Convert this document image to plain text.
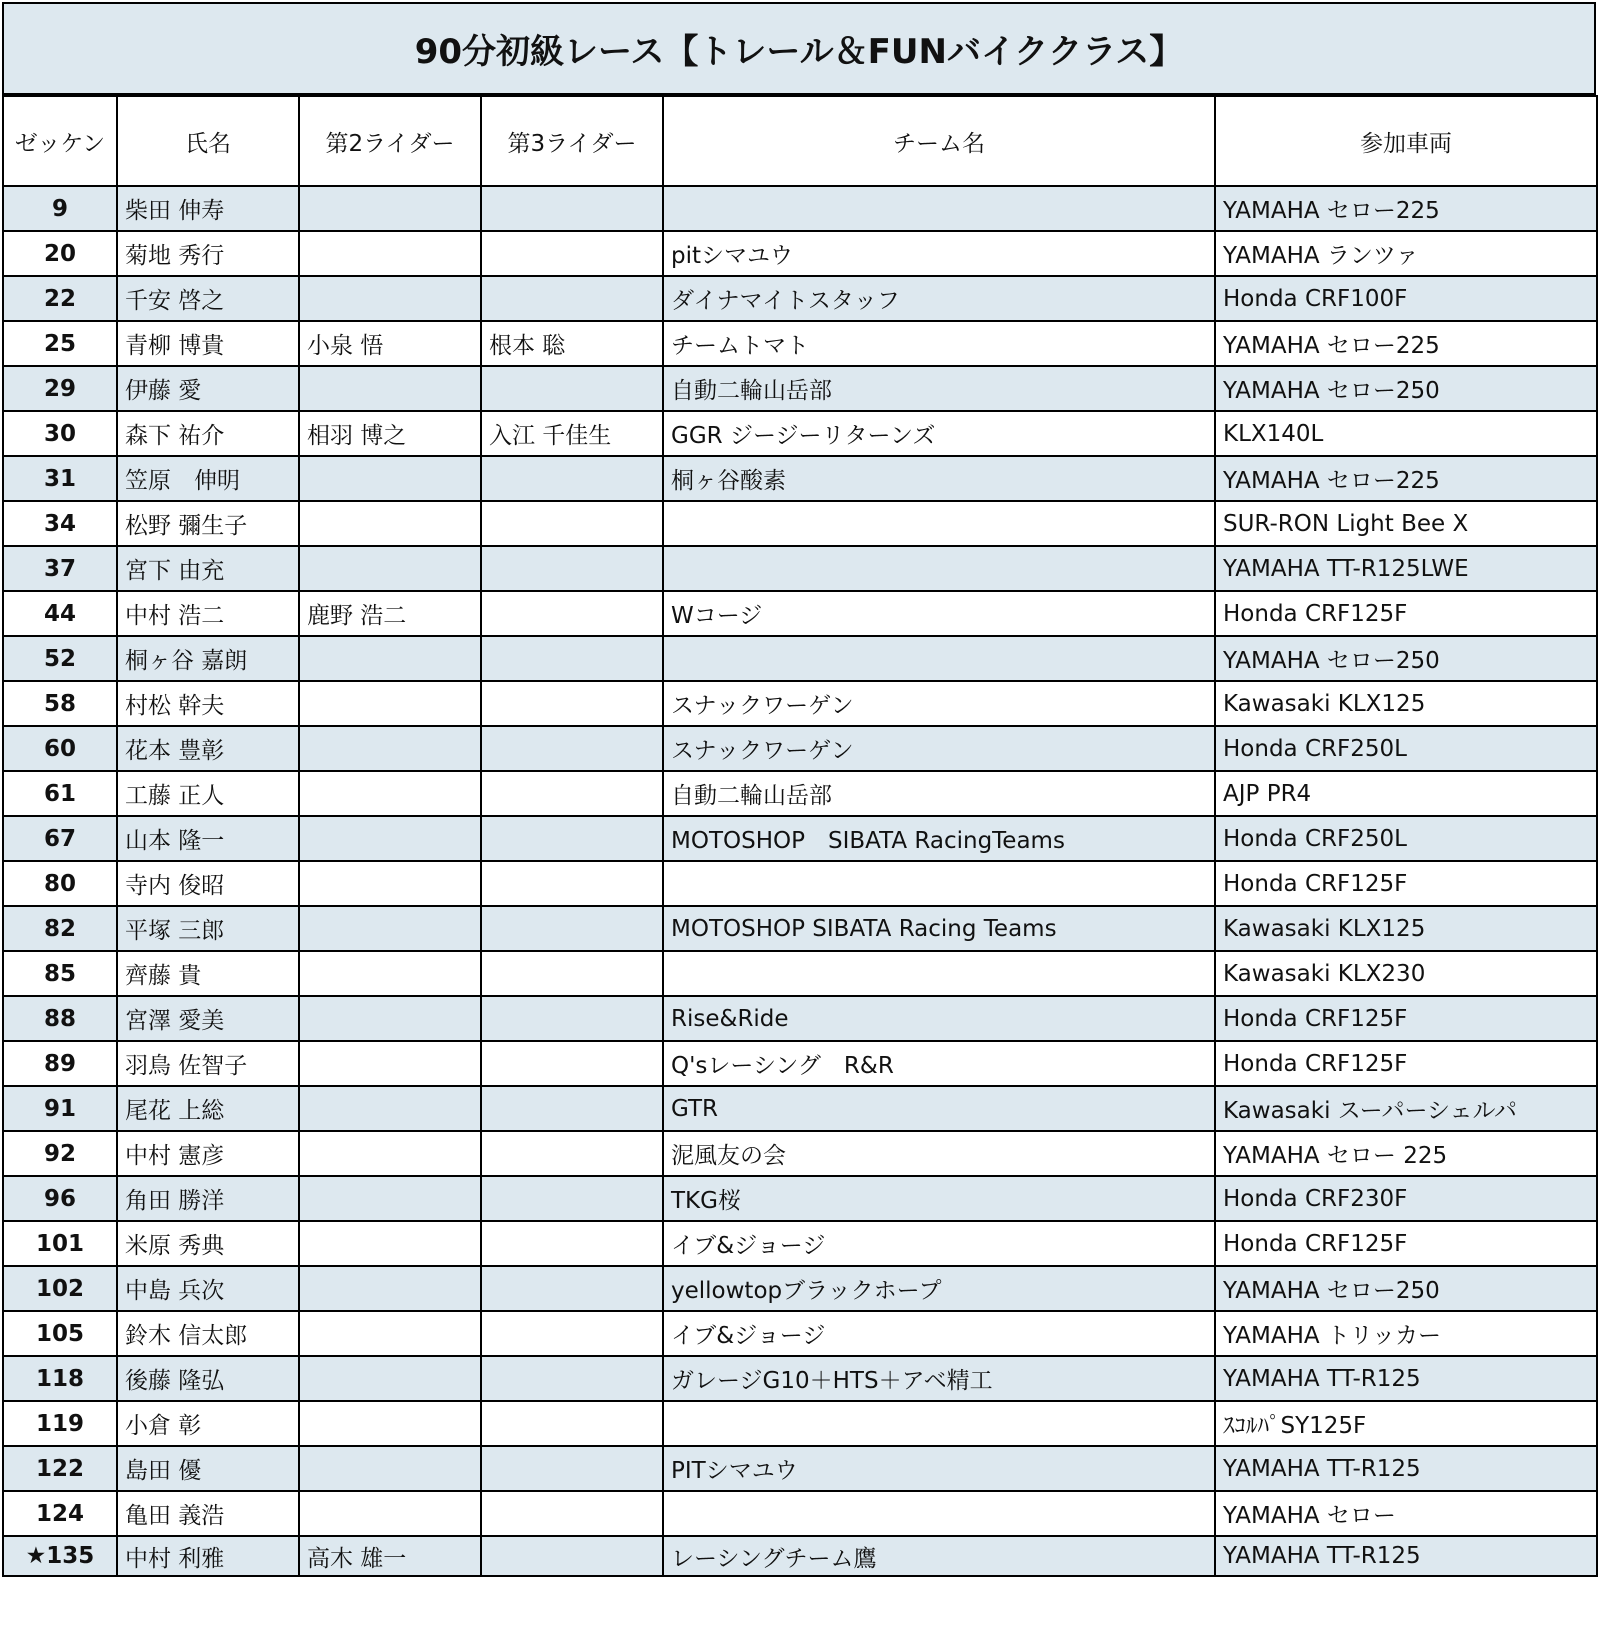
90分初級レース【トレール＆FUNバイククラス】
ゼッケン	氏名	第2ライダー	第3ライダー	チーム名	参加車両
9	柴田 伸寿				YAMAHA セロー225
20	菊地 秀行			pitシマユウ	YAMAHA ランツァ
22	千安 啓之			ダイナマイトスタッフ	Honda CRF100F
25	青柳 博貴	小泉 悟	根本 聡	チームトマト	YAMAHA セロー225
29	伊藤 愛			自動二輪山岳部	YAMAHA セロー250
30	森下 祐介	相羽 博之	入江 千佳生	GGR ジージーリターンズ	KLX140L
31	笠原　伸明			桐ヶ谷酸素	YAMAHA セロー225
34	松野 彌生子				SUR-RON Light Bee X
37	宮下 由充				YAMAHA TT-R125LWE
44	中村 浩二	鹿野 浩二		Wコージ	Honda CRF125F
52	桐ヶ谷 嘉朗				YAMAHA セロー250
58	村松 幹夫			スナックワーゲン	Kawasaki KLX125
60	花本 豊彰			スナックワーゲン	Honda CRF250L
61	工藤 正人			自動二輪山岳部	AJP PR4
67	山本 隆一			MOTOSHOP　SIBATA RacingTeams	Honda CRF250L
80	寺内 俊昭				Honda CRF125F
82	平塚 三郎			MOTOSHOP SIBATA Racing Teams	Kawasaki KLX125
85	齊藤 貴				Kawasaki KLX230
88	宮澤 愛美			Rise&Ride	Honda CRF125F
89	羽鳥 佐智子			Q'sレーシング　R&R	Honda CRF125F
91	尾花 上総			GTR	Kawasaki スーパーシェルパ
92	中村 憲彦			泥風友の会	YAMAHA セロー 225
96	角田 勝洋			TKG桜	Honda CRF230F
101	米原 秀典			イブ&ジョージ	Honda CRF125F
102	中島 兵次			yellowtopブラックホープ	YAMAHA セロー250
105	鈴木 信太郎			イブ&ジョージ	YAMAHA トリッカー
118	後藤 隆弘			ガレージG10＋HTS＋アベ精工	YAMAHA TT-R125
119	小倉 彰				ｽｺﾙﾊﾟSY125F
122	島田 優			PITシマユウ	YAMAHA TT-R125
124	亀田 義浩				YAMAHA セロー
★135	中村 利雅	高木 雄一		レーシングチーム鷹	YAMAHA TT-R125
